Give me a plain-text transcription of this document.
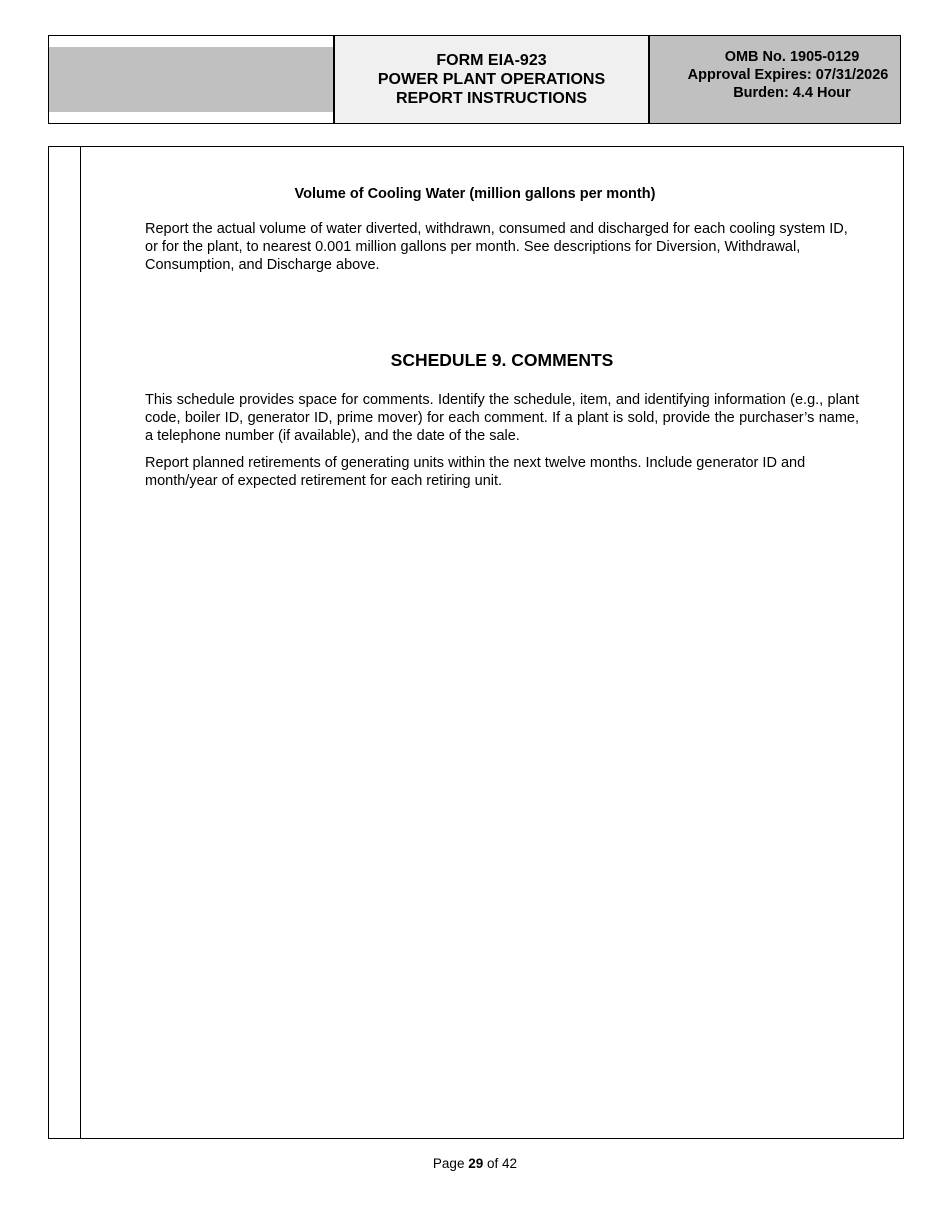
FORM EIA-923
POWER PLANT OPERATIONS
REPORT INSTRUCTIONS
OMB No. 1905-0129
Approval Expires: 07/31/2026
Burden: 4.4 Hour
Volume of Cooling Water (million gallons per month)

Report the actual volume of water diverted, withdrawn, consumed and discharged for each cooling system ID, or for the plant, to nearest 0.001 million gallons per month. See descriptions for Diversion, Withdrawal, Consumption, and Discharge above.

SCHEDULE 9. COMMENTS

This schedule provides space for comments. Identify the schedule, item, and identifying information (e.g., plant code, boiler ID, generator ID, prime mover) for each comment. If a plant is sold, provide the purchaser’s name, a telephone number (if available), and the date of the sale.

Report planned retirements of generating units within the next twelve months. Include generator ID and month/year of expected retirement for each retiring unit.

Page 29 of 42
